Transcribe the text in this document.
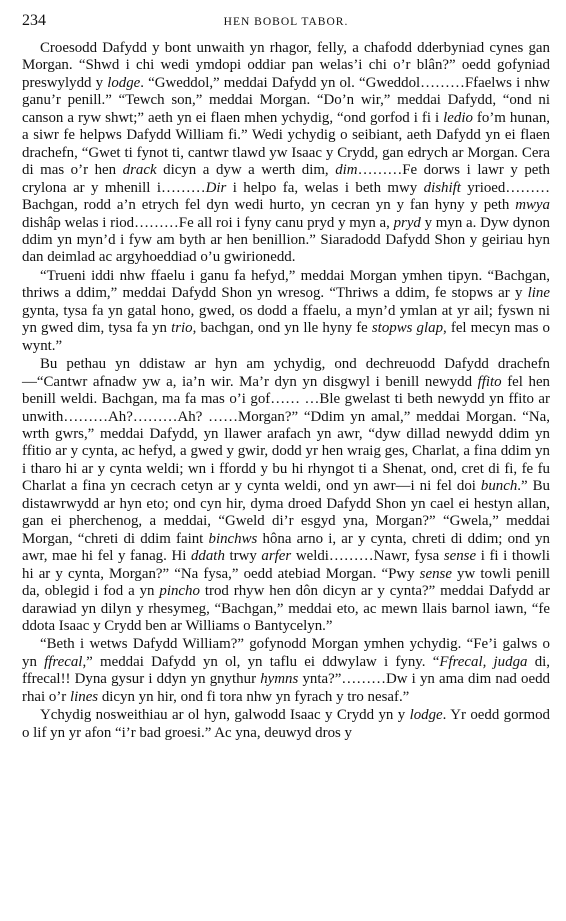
234	HEN BOBOL TABOR.

Croesodd Dafydd y bont unwaith yn rhagor, felly, a chafodd dderbyniad cynes gan Morgan. “Shwd i chi wedi ymdopi oddiar pan welas’i chi o’r blân?” oedd gofyniad preswylydd y lodge. “Gweddol,” meddai Dafydd yn ol. “Gweddol………Ffaelws i nhw ganu’r penill.” “Tewch son,” meddai Morgan. “Do’n wir,” meddai Dafydd, “ond ni canson a ryw shwt;” aeth yn ei flaen mhen ychydig, “ond gorfod i fi i ledio fo’m hunan, a siwr fe helpws Dafydd William fi.” Wedi ychydig o seibiant, aeth Dafydd yn ei flaen drachefn, “Gwet ti fynot ti, cantwr tlawd yw Isaac y Crydd, gan edrych ar Morgan. Cera di mas o’r hen drack dicyn a dyw a werth dim, dim………Fe dorws i lawr y peth crylona ar y mhenill i………Dir i helpo fa, welas i beth mwy dishift yrioed……… Bachgan, rodd a’n etrych fel dyn wedi hurto, yn cecran yn y fan hyny y peth mwya dishâp welas i riod………Fe all roi i fyny canu pryd y myn a, pryd y myn a. Dyw dynon ddim yn myn’d i fyw am byth ar hen benillion.” Siaradodd Dafydd Shon y geiriau hyn dan deimlad ac argyhoeddiad o’u gwirionedd.

“Trueni iddi nhw ffaelu i ganu fa hefyd,” meddai Morgan ymhen tipyn. “Bachgan, thriws a ddim,” meddai Dafydd Shon yn wresog. “Thriws a ddim, fe stopws ar y line gynta, tysa fa yn gatal hono, gwed, os dodd a ffaelu, a myn’d ymlan at yr ail; fyswn ni yn gwed dim, tysa fa yn trio, bachgan, ond yn lle hyny fe stopws glap, fel mecyn mas o wynt.”

Bu pethau yn ddistaw ar hyn am ychydig, ond dechreuodd Dafydd drachefn—“Cantwr afnadw yw a, ia’n wir. Ma’r dyn yn disgwyl i benill newydd ffito fel hen benill weldi. Bachgan, ma fa mas o’i gof…… …Ble gwelast ti beth newydd yn ffito ar unwith………Ah?………Ah? ……Morgan?” “Ddim yn amal,” meddai Morgan. “Na, wrth gwrs,” meddai Dafydd, yn llawer arafach yn awr, “dyw dillad newydd ddim yn ffitio ar y cynta, ac hefyd, a gwed y gwir, dodd yr hen wraig ges, Charlat, a fina ddim yn i tharo hi ar y cynta weldi; wn i ffordd y bu hi rhyngot ti a Shenat, ond, cret di fi, fe fu Charlat a fina yn cecrach cetyn ar y cynta weldi, ond yn awr—i ni fel doi bunch.” Bu distawrwydd ar hyn eto; ond cyn hir, dyma droed Dafydd Shon yn cael ei hestyn allan, gan ei pherchenog, a meddai, “Gweld di’r esgyd yna, Morgan?” “Gwela,” meddai Morgan, “chreti di ddim faint binchws hôna arno i, ar y cynta, chreti di ddim; ond yn awr, mae hi fel y fanag. Hi ddath trwy arfer weldi………Nawr, fysa sense i fi i thowli hi ar y cynta, Morgan?” “Na fysa,” oedd atebiad Morgan. “Pwy sense yw towli penill da, oblegid i fod a yn pincho trod rhyw hen dôn dicyn ar y cynta?” meddai Dafydd ar darawiad yn dilyn y rhesymeg, “Bachgan,” meddai eto, ac mewn llais barnol iawn, “fe ddota Isaac y Crydd ben ar Williams o Bantycelyn.”

“Beth i wetws Dafydd William?” gofynodd Morgan ymhen ychydig. “Fe’i galws o yn ffrecal,” meddai Dafydd yn ol, yn taflu ei ddwylaw i fyny. “Ffrecal, judga di, ffrecal!! Dyna gysur i ddyn yn gnythur hymns ynta?”………Dw i yn ama dim nad oedd rhai o’r lines dicyn yn hir, ond fi tora nhw yn fyrach y tro nesaf.”

Ychydig nosweithiau ar ol hyn, galwodd Isaac y Crydd yn y lodge. Yr oedd gormod o lif yn yr afon “i’r bad groesi.” Ac yna, deuwyd dros y
